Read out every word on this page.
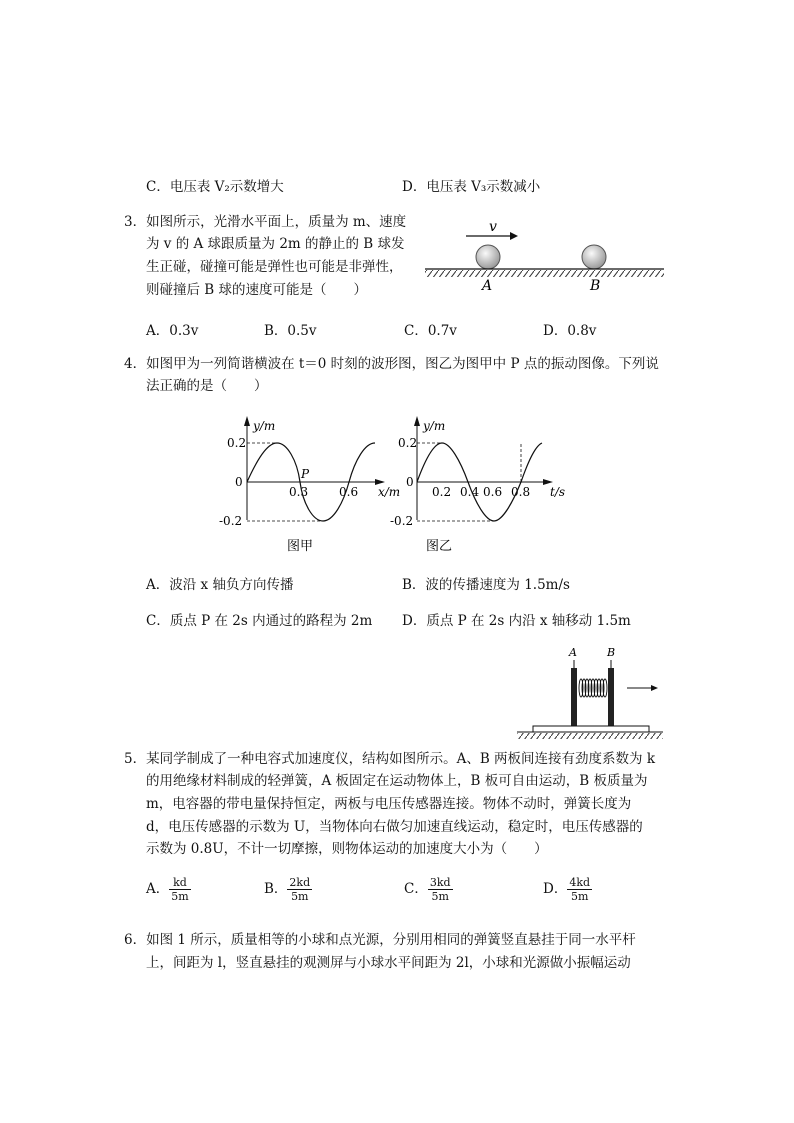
C．电压表 V₂示数增大	D．电压表 V₃示数减小
3．如图所示，光滑水平面上，质量为 m、速度
为 v 的 A 球跟质量为 2m 的静止的 B 球发
生正碰，碰撞可能是弹性也可能是非弹性，
则碰撞后 B 球的速度可能是（　　）
v
A	B
A．0.3v	B．0.5v	C．0.7v	D．0.8v
4．如图甲为一列简谐横波在 t＝0 时刻的波形图，图乙为图甲中 P 点的振动图像。下列说
法正确的是（　　）
y/m
x/m
0.2
0
-0.2
0.3	0.6
P
图甲
y/m
t/s
0.2
0
-0.2
0.2 0.4 0.6 0.8
图乙
A．波沿 x 轴负方向传播	B．波的传播速度为 1.5m/s
C．质点 P 在 2s 内通过的路程为 2m D．质点 P 在 2s 内沿 x 轴移动 1.5m
A	B
5．某同学制成了一种电容式加速度仪，结构如图所示。A、B 两板间连接有劲度系数为 k
的用绝缘材料制成的轻弹簧，A 板固定在运动物体上，B 板可自由运动，B 板质量为
m，电容器的带电量保持恒定，两板与电压传感器连接。物体不动时，弹簧长度为
d，电压传感器的示数为 U，当物体向右做匀加速直线运动，稳定时，电压传感器的
示数为 0.8U，不计一切摩擦，则物体运动的加速度大小为（　　）
A． $\frac{kd}{5m}$	B． $\frac{2kd}{5m}$	C． $\frac{3kd}{5m}$	D． $\frac{4kd}{5m}$
6．如图 1 所示，质量相等的小球和点光源，分别用相同的弹簧竖直悬挂于同一水平杆
上，间距为 l，竖直悬挂的观测屏与小球水平间距为 2l，小球和光源做小振幅运动
